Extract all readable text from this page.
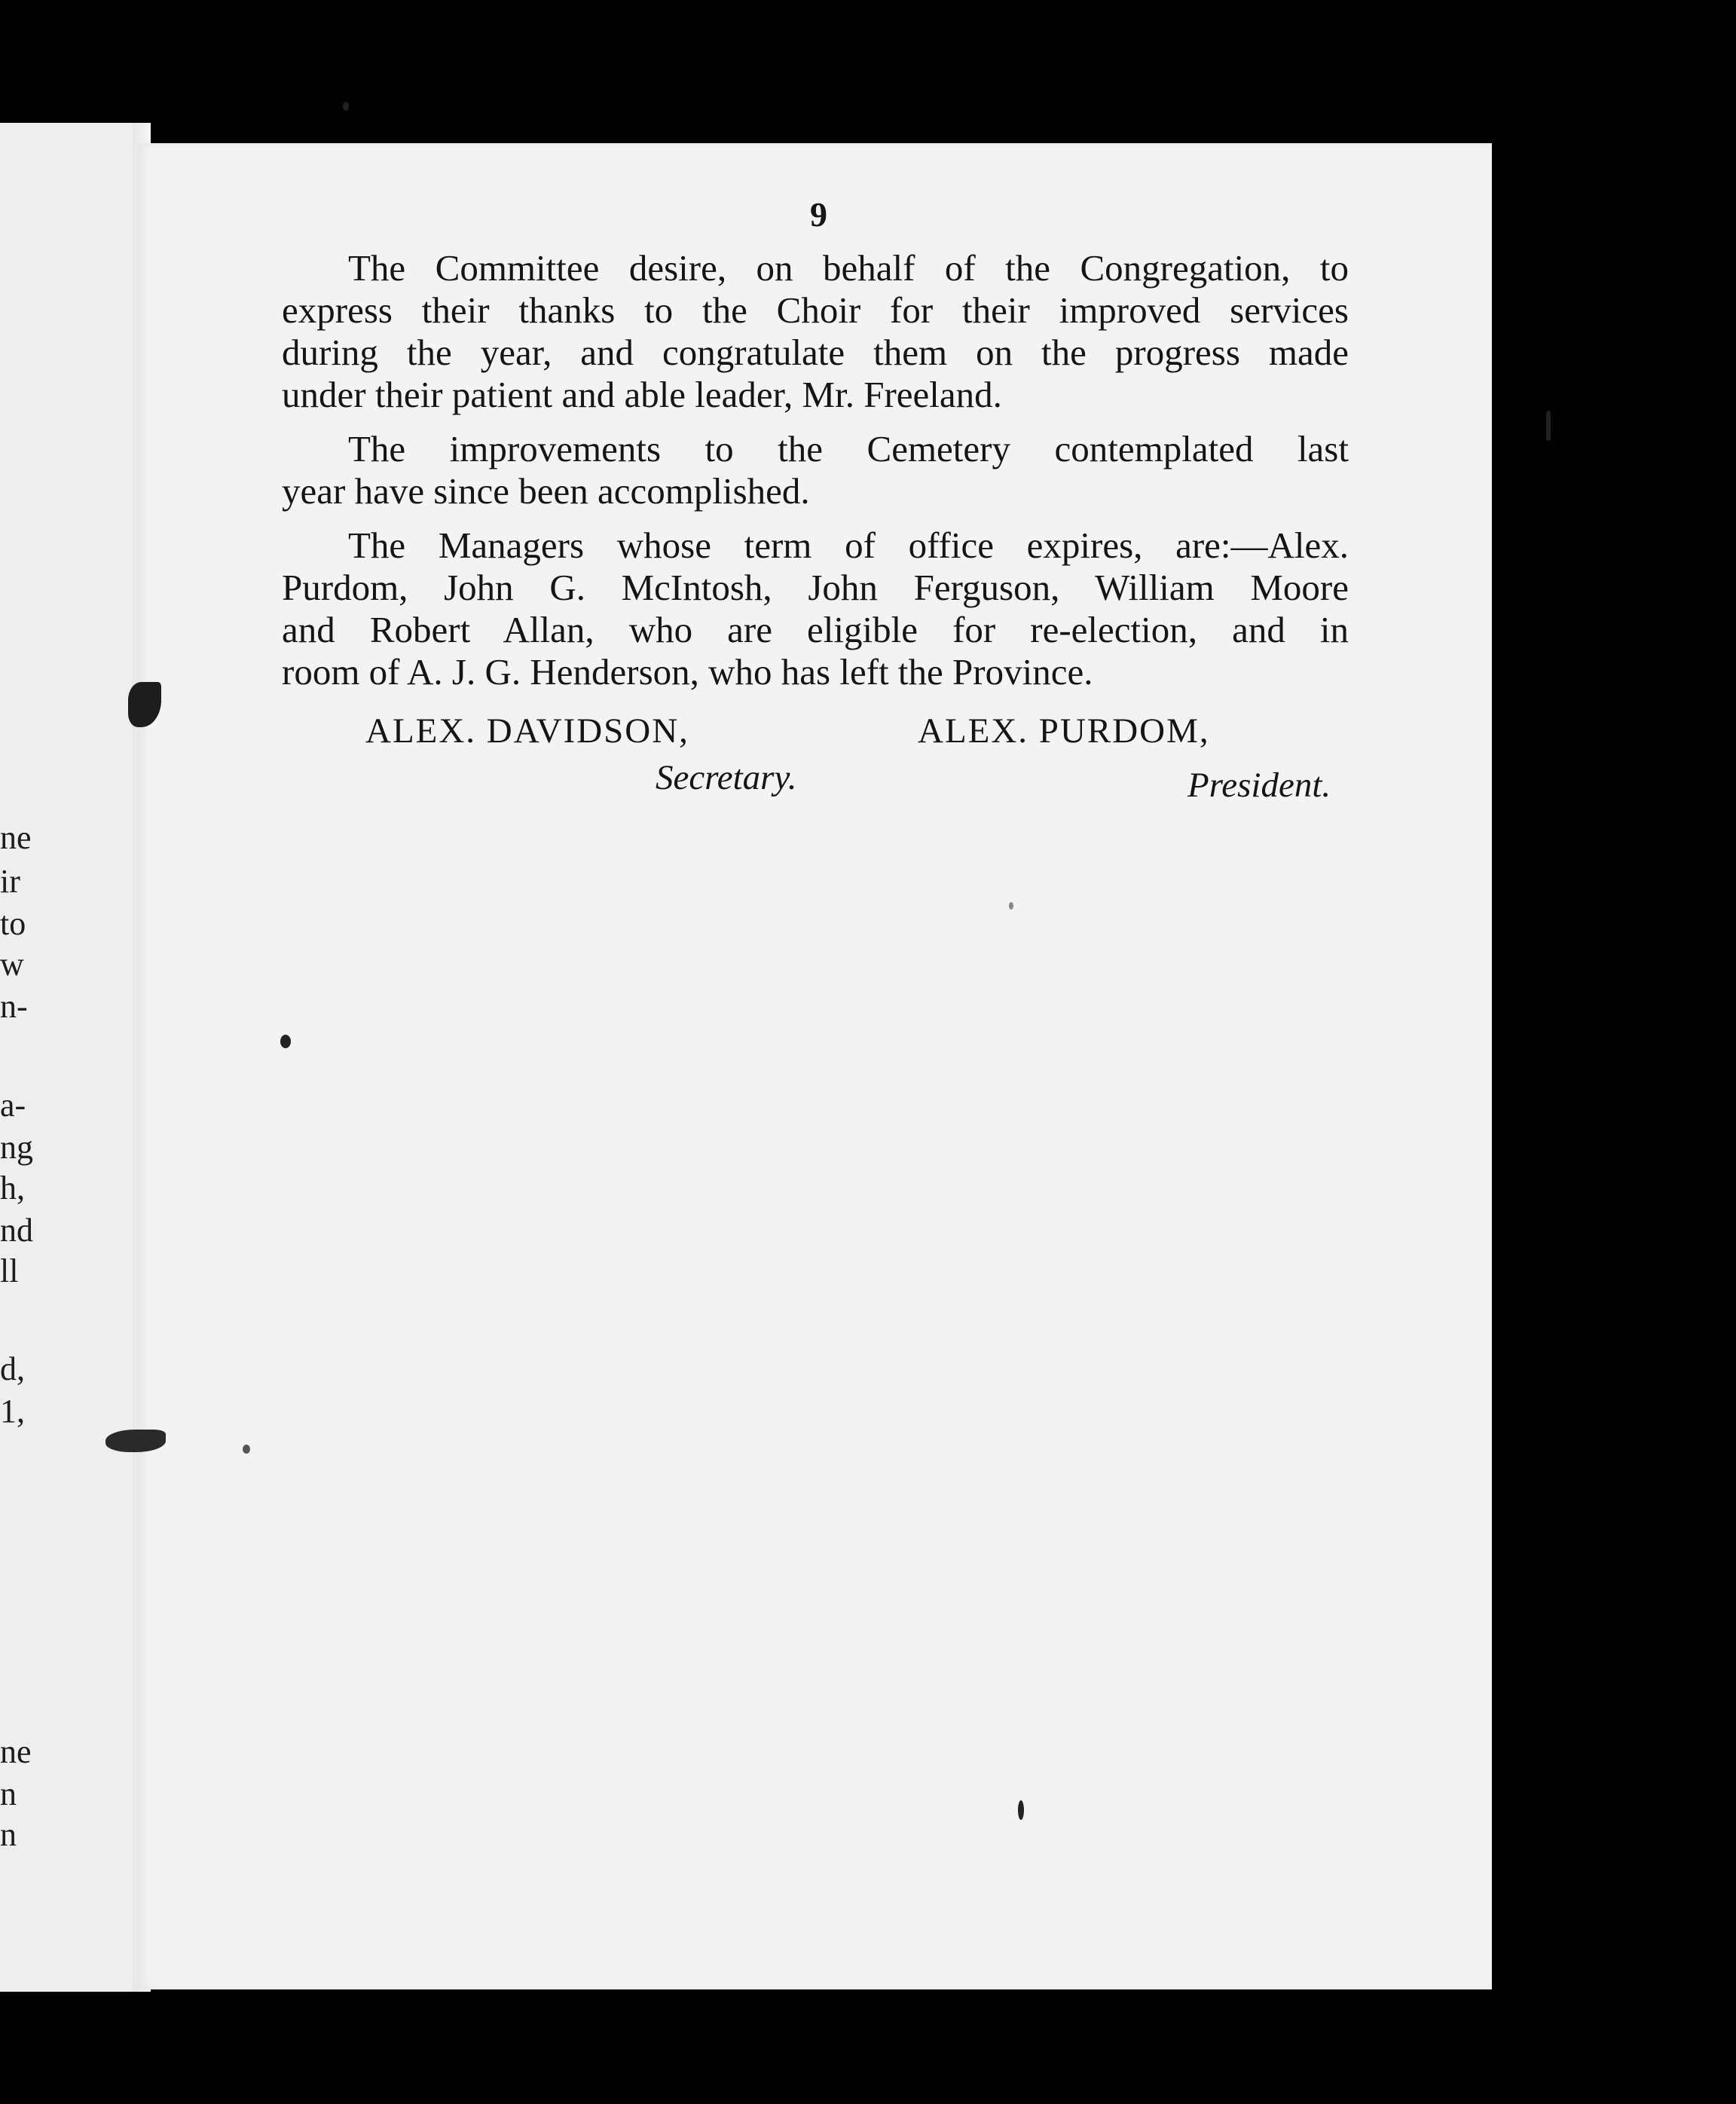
ne
ir
to
w
n-
a-
ng
h,
nd
ll
d,
1,
ne
n
n
9
The Committee desire, on behalf of the Congregation, to
express their thanks to the Choir for their improved services
during the year, and congratulate them on the progress made
under their patient and able leader, Mr. Freeland.
The improvements to the Cemetery contemplated last
year have since been accomplished.
The Managers whose term of office expires, are:—Alex.
Purdom, John G. McIntosh, John Ferguson, William Moore
and Robert Allan, who are eligible for re-election, and in
room of A. J. G. Henderson, who has left the Province.
ALEX. DAVIDSON,
Secretary.
ALEX. PURDOM,
President.
